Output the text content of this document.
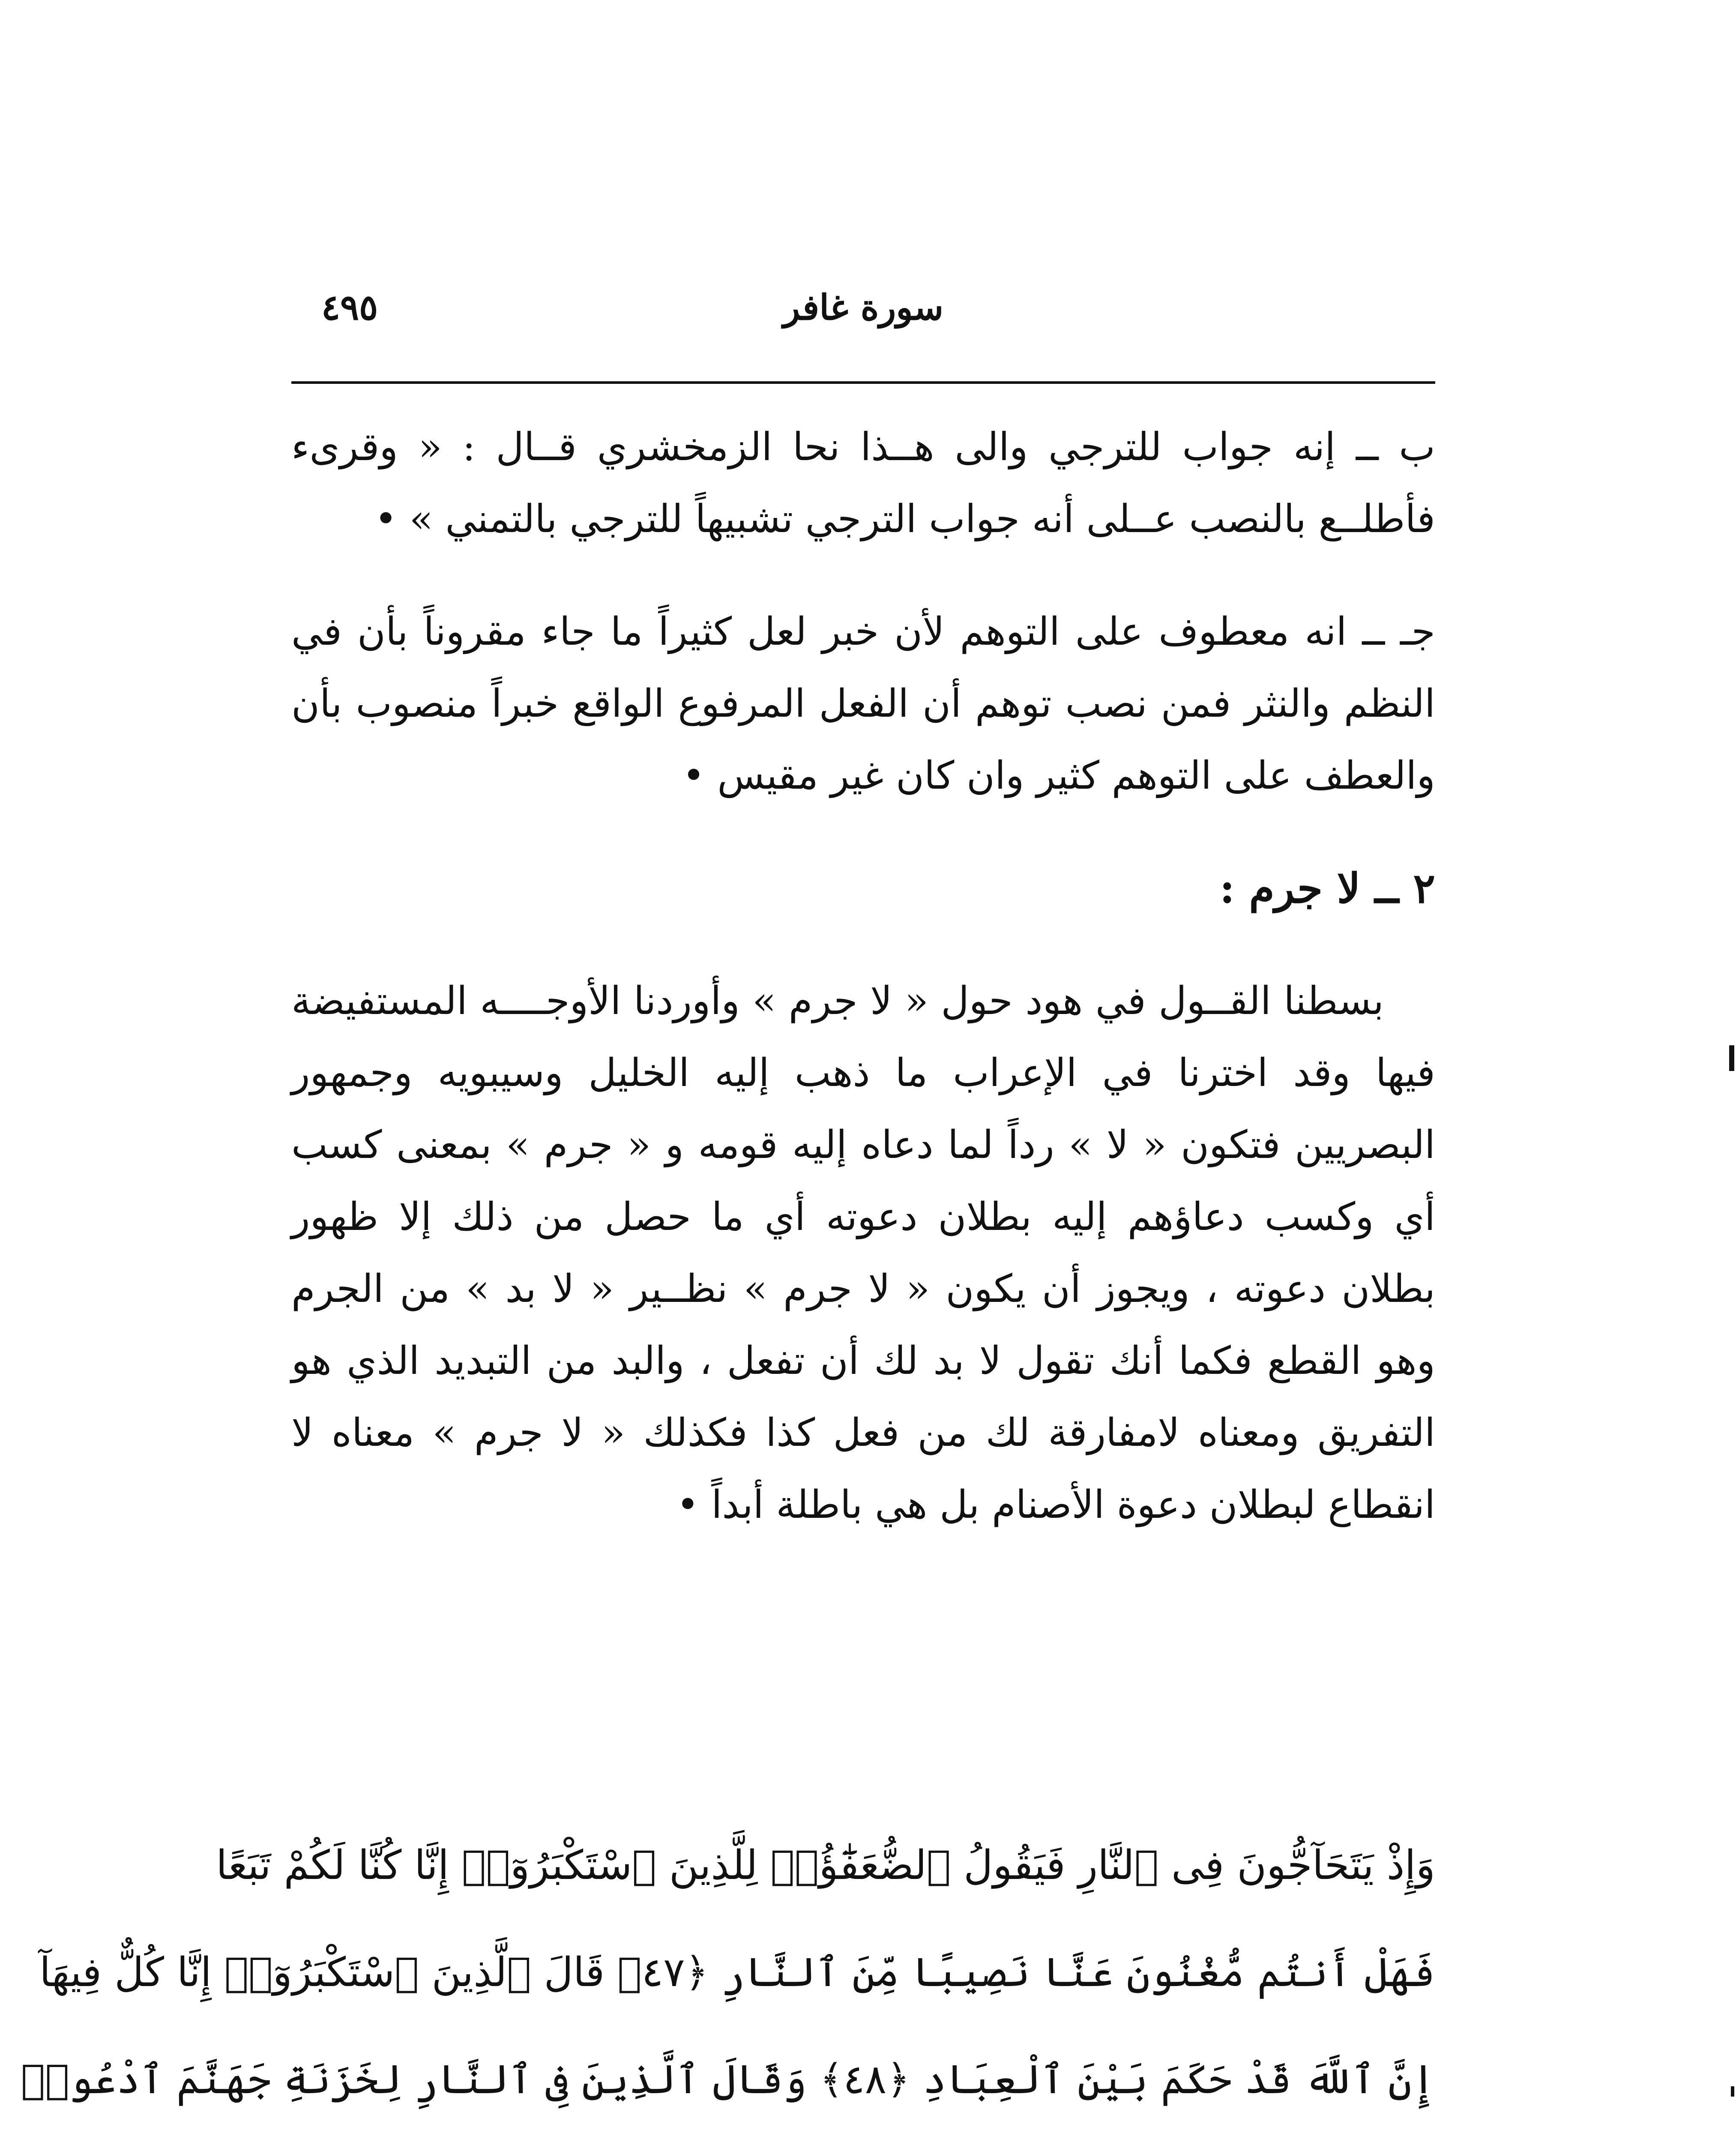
سورة غافر
٤٩٥

ب ــ إنه جواب للترجي والى هــذا نحا الزمخشري قــال : « وقرىء فأطلــع بالنصب عــلى أنه جواب الترجي تشبيهاً للترجي بالتمني » •

جـ ــ انه معطوف على التوهم لأن خبر لعل كثيراً ما جاء مقروناً بأن في النظم والنثر فمن نصب توهم أن الفعل المرفوع الواقع خبراً منصوب بأن والعطف على التوهم كثير وان كان غير مقيس •

٢ ــ لا جرم :

بسطنا القــول في هود حول « لا جرم » وأوردنا الأوجــــه المستفيضة فيها وقد اخترنا في الإعراب ما ذهب إليه الخليل وسيبويه وجمهور البصريين فتكون « لا » رداً لما دعاه إليه قومه و « جرم » بمعنى كسب أي وكسب دعاؤهم إليه بطلان دعوته أي ما حصل من ذلك إلا ظهور بطلان دعوته ، ويجوز أن يكون « لا جرم » نظــير « لا بد » من الجرم وهو القطع فكما أنك تقول لا بد لك أن تفعل ، والبد من التبديد الذي هو التفريق ومعناه لامفارقة لك من فعل كذا فكذلك « لا جرم » معناه لا انقطاع لبطلان دعوة الأصنام بل هي باطلة أبداً •

وَإِذْ يَتَحَآجُّونَ فِى ٱلنَّارِ فَيَقُولُ ٱلضُّعَفَٰٓؤُا۟ لِلَّذِينَ ٱسْتَكْبَرُوٓا۟ إِنَّا كُنَّا لَكُمْ تَبَعًا
فَهَلْ أَنتُم مُّغْنُونَ عَنَّا نَصِيبًا مِّنَ ٱلنَّارِ ﴿٤٧﴾ قَالَ ٱلَّذِينَ ٱسْتَكْبَرُوٓا۟ إِنَّا كُلٌّ فِيهَآ
إِنَّ ٱللَّهَ قَدْ حَكَمَ بَيْنَ ٱلْعِبَادِ ﴿٤٨﴾ وَقَالَ ٱلَّذِينَ فِى ٱلنَّارِ لِخَزَنَةِ جَهَنَّمَ ٱدْعُوا۟
